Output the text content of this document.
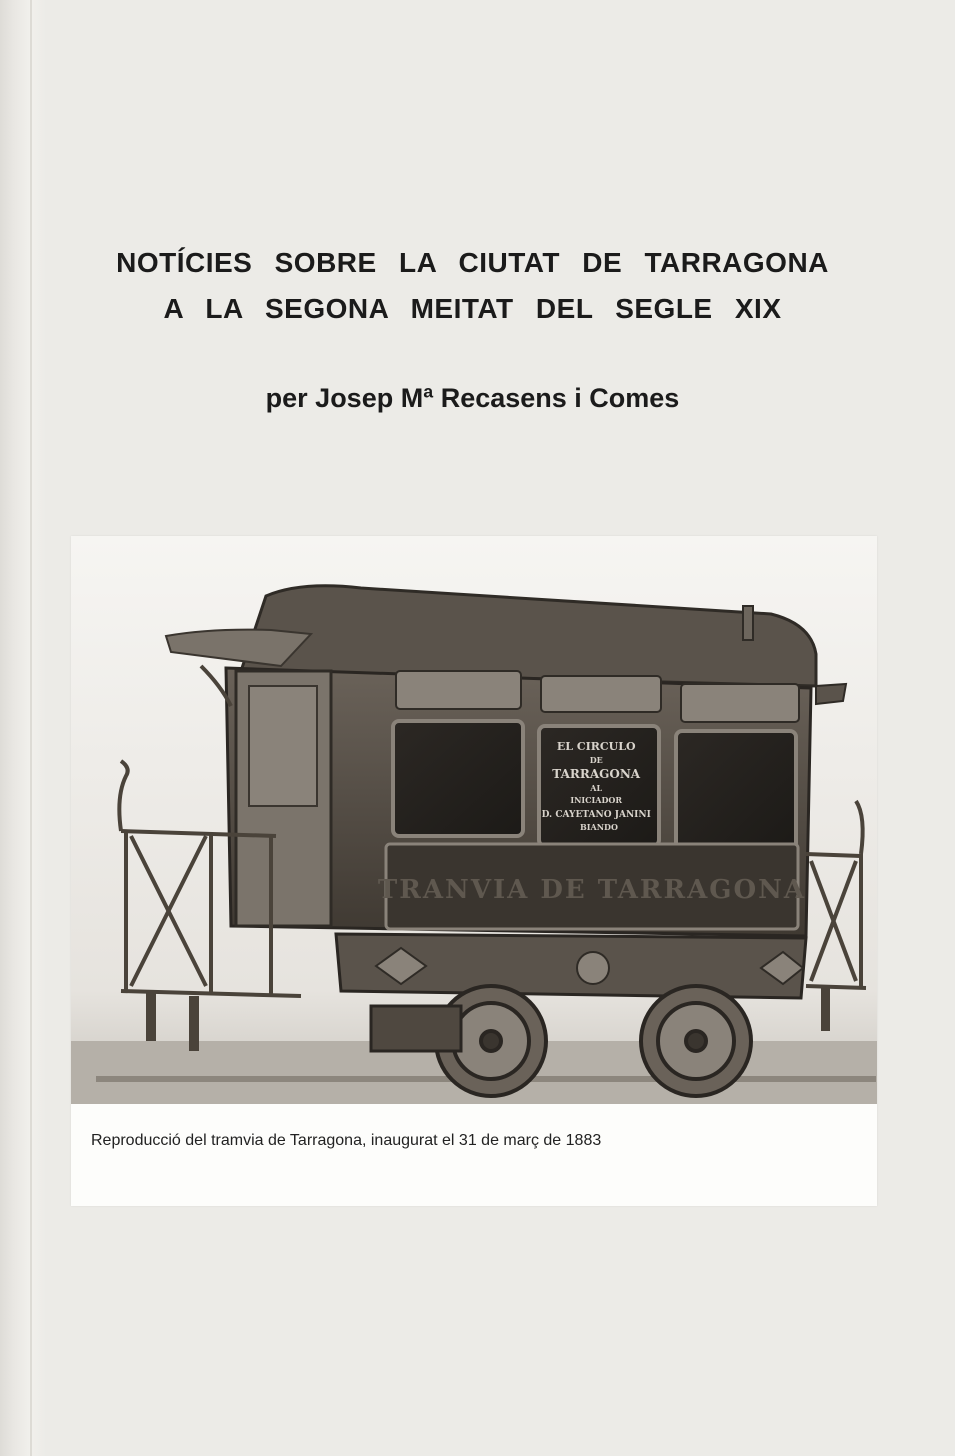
NOTÍCIES SOBRE LA CIUTAT DE TARRAGONA
A LA SEGONA MEITAT DEL SEGLE XIX

per Josep Mª Recasens i Comes

EL CIRCULO DE TARRAGONA AL INICIADOR D. CAYETANO JANINI BIANDO
TRANVIA DE TARRAGONA

Reproducció del tramvia de Tarragona, inaugurat el 31 de març de 1883
